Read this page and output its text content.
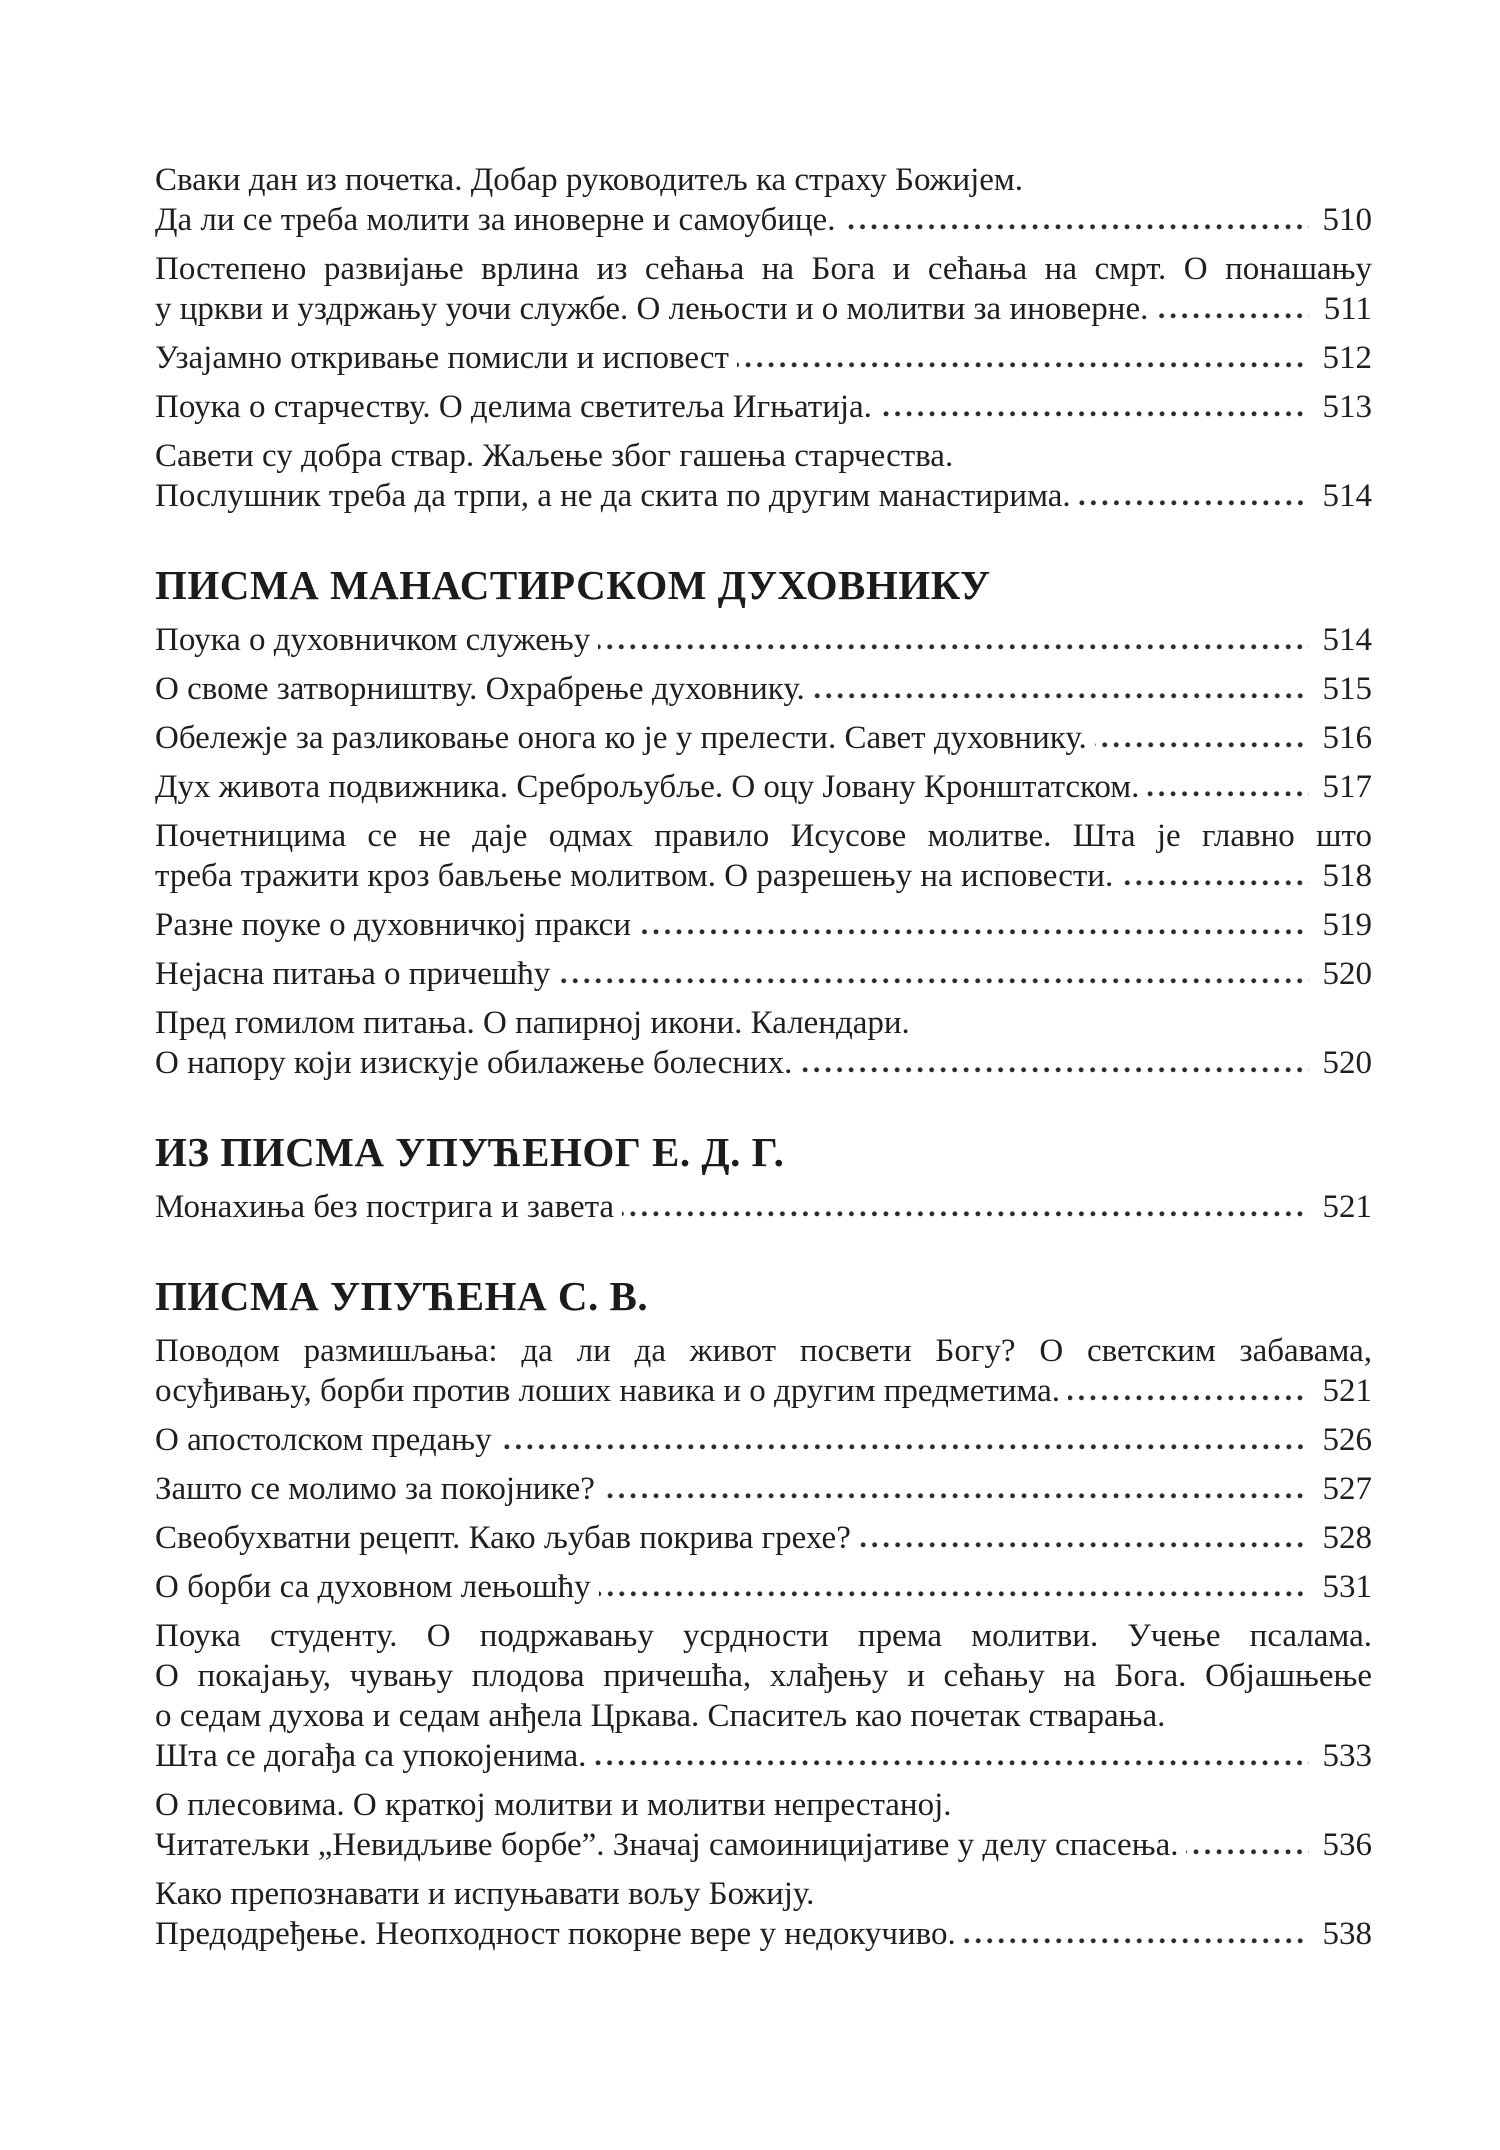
Сваки дан из почетка. Добар руководитељ ка страху Божијем.
Да ли се треба молити за иноверне и самоубице.	510
Постепено развијање врлина из сећања на Бога и сећања на смрт. О понашању
у цркви и уздржању уочи службе. О лењости и о молитви за иноверне.	511
Узајамно откривање помисли и исповест	512
Поука о старчеству. О делима светитеља Игњатија.	513
Савети су добра ствар. Жаљење због гашења старчества.
Послушник треба да трпи, а не да скита по другим манастирима.	514
ПИСМА МАНАСТИРСКОМ ДУХОВНИКУ
Поука о духовничком служењу	514
О своме затворништву. Охрабрење духовнику.	515
Обележје за разликовање онога ко је у прелести. Савет духовнику.	516
Дух живота подвижника. Среброљубље. О оцу Јовану Кронштатском.	517
Почетницима се не даје одмах правило Исусове молитве. Шта је главно што
треба тражити кроз бављење молитвом. О разрешењу на исповести.	518
Разне поуке о духовничкој пракси	519
Нејасна питања о причешћу	520
Пред гомилом питања. О папирној икони. Календари.
О напору који изискује обилажење болесних.	520
ИЗ ПИСМА УПУЋЕНОГ Е. Д. Г.
Монахиња без пострига и завета	521
ПИСМА УПУЋЕНА С. В.
Поводом размишљања: да ли да живот посвети Богу? О светским забавама,
осуђивању, борби против лоших навика и о другим предметима.	521
О апостолском предању	526
Зашто се молимо за покојнике?	527
Свеобухватни рецепт. Како љубав покрива грехе?	528
О борби са духовном лењошћу	531
Поука студенту. О подржавању усрдности према молитви. Учење псалама.
О покајању, чувању плодова причешћа, хлађењу и сећању на Бога. Објашњење
о седам духова и седам анђела Цркава. Спаситељ као почетак стварања.
Шта се догађа са упокојенима.	533
О плесовима. О краткој молитви и молитви непрестаној.
Читатељки „Невидљиве борбе”. Значај самоиницијативе у делу спасења.	536
Како препознавати и испуњавати вољу Божију.
Предодређење. Неопходност покорне вере у недокучиво.	538
